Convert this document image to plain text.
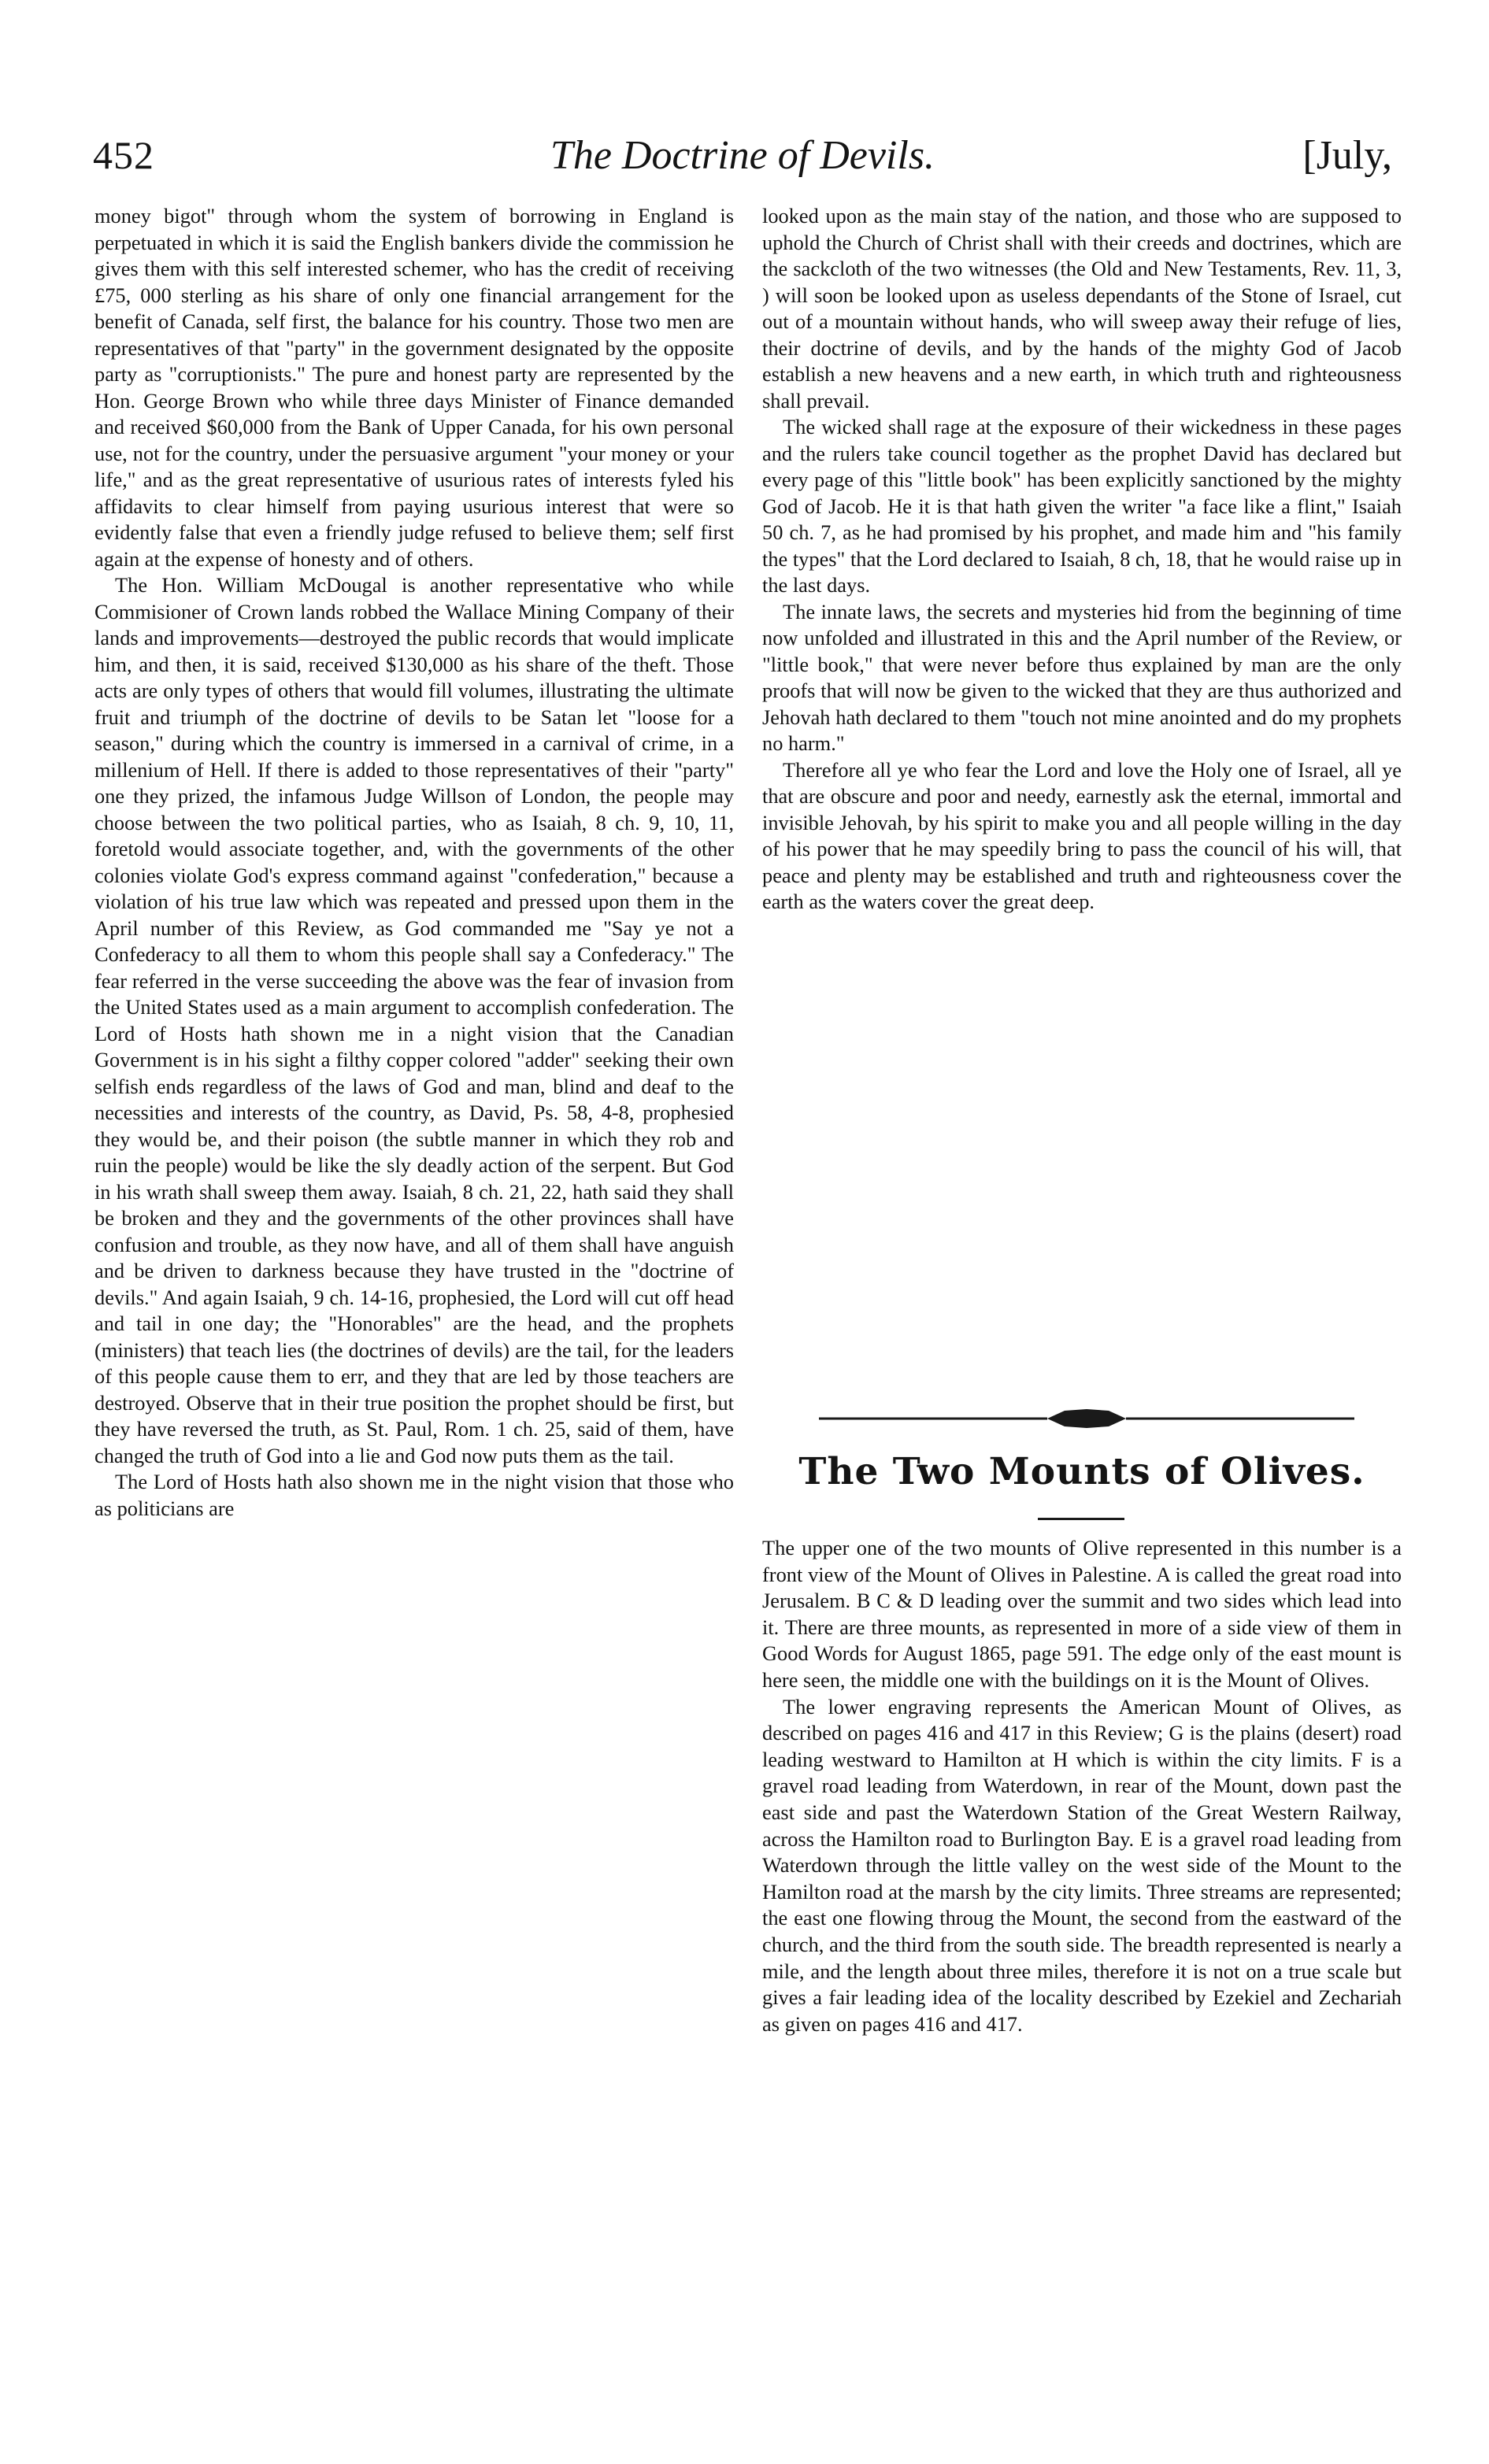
452	The Doctrine of Devils.	[July,

money bigot" through whom the system of borrowing in England is perpetuated in which it is said the English bankers divide the commission he gives them with this self interested schemer, who has the credit of receiving £75, 000 sterling as his share of only one financial arrangement for the benefit of Canada, self first, the balance for his country. Those two men are representatives of that "party" in the government designated by the opposite party as "corruptionists." The pure and honest party are represented by the Hon. George Brown who while three days Minister of Finance demanded and received $60,000 from the Bank of Upper Canada, for his own personal use, not for the country, under the persuasive argument "your money or your life," and as the great representative of usurious rates of interests fyled his affidavits to clear himself from paying usurious interest that were so evidently false that even a friendly judge refused to believe them; self first again at the expense of honesty and of others.

The Hon. William McDougal is another representative who while Commisioner of Crown lands robbed the Wallace Mining Company of their lands and improvements—destroyed the public records that would implicate him, and then, it is said, received $130,000 as his share of the theft. Those acts are only types of others that would fill volumes, illustrating the ultimate fruit and triumph of the doctrine of devils to be Satan let "loose for a season," during which the country is immersed in a carnival of crime, in a millenium of Hell. If there is added to those representatives of their "party" one they prized, the infamous Judge Willson of London, the people may choose between the two political parties, who as Isaiah, 8 ch. 9, 10, 11, foretold would associate together, and, with the governments of the other colonies violate God's express command against "confederation," because a violation of his true law which was repeated and pressed upon them in the April number of this Review, as God commanded me "Say ye not a Confederacy to all them to whom this people shall say a Confederacy." The fear referred in the verse succeeding the above was the fear of invasion from the United States used as a main argument to accomplish confederation. The Lord of Hosts hath shown me in a night vision that the Canadian Government is in his sight a filthy copper colored "adder" seeking their own selfish ends regardless of the laws of God and man, blind and deaf to the necessities and interests of the country, as David, Ps. 58, 4-8, prophesied they would be, and their poison (the subtle manner in which they rob and ruin the people) would be like the sly deadly action of the serpent. But God in his wrath shall sweep them away. Isaiah, 8 ch. 21, 22, hath said they shall be broken and they and the governments of the other provinces shall have confusion and trouble, as they now have, and all of them shall have anguish and be driven to darkness because they have trusted in the "doctrine of devils." And again Isaiah, 9 ch. 14-16, prophesied, the Lord will cut off head and tail in one day; the "Honorables" are the head, and the prophets (ministers) that teach lies (the doctrines of devils) are the tail, for the leaders of this people cause them to err, and they that are led by those teachers are destroyed. Observe that in their true position the prophet should be first, but they have reversed the truth, as St. Paul, Rom. 1 ch. 25, said of them, have changed the truth of God into a lie and God now puts them as the tail.

The Lord of Hosts hath also shown me in the night vision that those who as politicians are

looked upon as the main stay of the nation, and those who are supposed to uphold the Church of Christ shall with their creeds and doctrines, which are the sackcloth of the two witnesses (the Old and New Testaments, Rev. 11, 3, ) will soon be looked upon as useless dependants of the Stone of Israel, cut out of a mountain without hands, who will sweep away their refuge of lies, their doctrine of devils, and by the hands of the mighty God of Jacob establish a new heavens and a new earth, in which truth and righteousness shall prevail.

The wicked shall rage at the exposure of their wickedness in these pages and the rulers take council together as the prophet David has declared but every page of this "little book" has been explicitly sanctioned by the mighty God of Jacob. He it is that hath given the writer "a face like a flint," Isaiah 50 ch. 7, as he had promised by his prophet, and made him and "his family the types" that the Lord declared to Isaiah, 8 ch, 18, that he would raise up in the last days.

The innate laws, the secrets and mysteries hid from the beginning of time now unfolded and illustrated in this and the April number of the Review, or "little book," that were never before thus explained by man are the only proofs that will now be given to the wicked that they are thus authorized and Jehovah hath declared to them "touch not mine anointed and do my prophets no harm."

Therefore all ye who fear the Lord and love the Holy one of Israel, all ye that are obscure and poor and needy, earnestly ask the eternal, immortal and invisible Jehovah, by his spirit to make you and all people willing in the day of his power that he may speedily bring to pass the council of his will, that peace and plenty may be established and truth and righteousness cover the earth as the waters cover the great deep.

The Two Mounts of Olives.

The upper one of the two mounts of Olive represented in this number is a front view of the Mount of Olives in Palestine. A is called the great road into Jerusalem. B C & D leading over the summit and two sides which lead into it. There are three mounts, as represented in more of a side view of them in Good Words for August 1865, page 591. The edge only of the east mount is here seen, the middle one with the buildings on it is the Mount of Olives.

The lower engraving represents the American Mount of Olives, as described on pages 416 and 417 in this Review; G is the plains (desert) road leading westward to Hamilton at H which is within the city limits. F is a gravel road leading from Waterdown, in rear of the Mount, down past the east side and past the Waterdown Station of the Great Western Railway, across the Hamilton road to Burlington Bay. E is a gravel road leading from Waterdown through the little valley on the west side of the Mount to the Hamilton road at the marsh by the city limits. Three streams are represented; the east one flowing throug the Mount, the second from the eastward of the church, and the third from the south side. The breadth represented is nearly a mile, and the length about three miles, therefore it is not on a true scale but gives a fair leading idea of the locality described by Ezekiel and Zechariah as given on pages 416 and 417.
